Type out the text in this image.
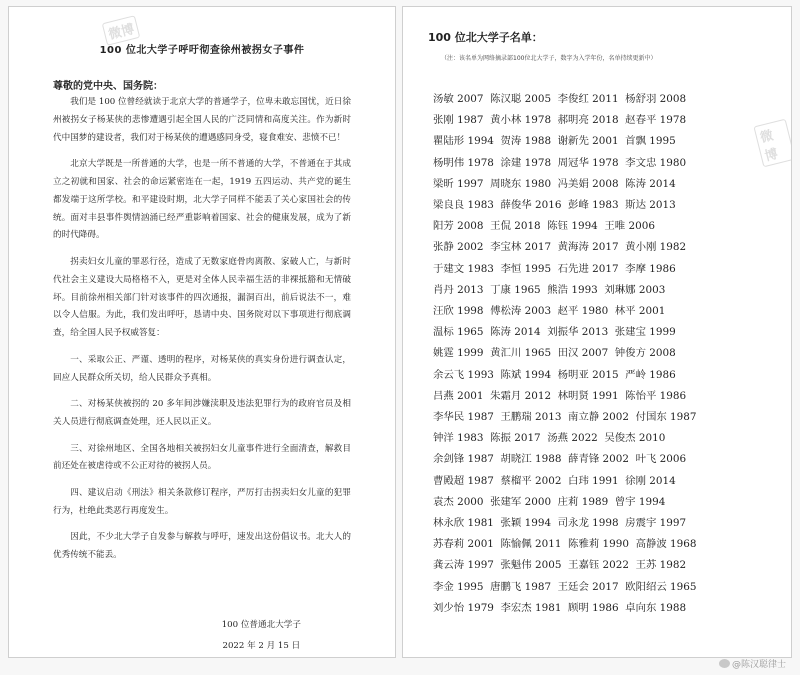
微博
100 位北大学子呼吁彻查徐州被拐女子事件
尊敬的党中央、国务院：

我们是 100 位曾经就读于北京大学的普通学子，位卑未敢忘国忧，近日徐州被拐女子杨某侠的悲惨遭遇引起全国人民的广泛同情和高度关注。作为新时代中国梦的建设者，我们对于杨某侠的遭遇感同身受，寝食难安、悲愤不已！

北京大学既是一所普通的大学，也是一所不普通的大学，不普通在于其成立之初就和国家、社会的命运紧密连在一起，1919 五四运动、共产党的诞生都发端于这所学校。和平建设时期，北大学子同样不能丢了关心家国社会的传统。面对丰县事件舆情汹涌已经严重影响着国家、社会的健康发展，成为了新的时代降碍。

拐卖妇女儿童的罪恶行径，造成了无数家庭骨肉离散、家破人亡，与新时代社会主义建设大局格格不入，更是对全体人民幸福生活的非裸抵豁和无情破坏。目前徐州相关部门针对该事件的四次通报，漏洞百出，前后说法不一，难以令人信服。为此，我们发出呼吁，恳请中央、国务院对以下事项进行彻底调查，给全国人民予权威答复：

一、采取公正、严谨、透明的程序，对杨某侠的真实身份进行调查认定，回应人民群众所关切，给人民群众予真相。

二、对杨某侠被拐的 20 多年间涉嫌渎职及违法犯罪行为的政府官员及相关人员进行彻底调查处理，还人民以正义。

三、对徐州地区、全国各地相关被拐妇女儿童事件进行全面清查，解救目前还处在被虐待或不公正对待的被拐人员。

四、建议启动《刑法》相关条款修订程序，严厉打击拐卖妇女儿童的犯罪行为，杜绝此类恶行再度发生。

因此，不少北大学子自发参与解救与呼吁，速发出这份倡议书。北大人的优秀传统不能丢。

100 位普通北大学子
2022 年 2 月 15 日
100 位北大学子名单：
（注：该名单为网络摘录部100位北大学子，数字为入学年份，名单持续更新中）
微博
汤敏 2007  陈汉聪 2005  李俊红 2011  杨舒羽 2008
张刚 1987  黄小林 1978  郝明亮 2018  赵春平 1978
瞿陆形 1994  贺涛 1988  谢新先 2001  首飘 1995
杨明伟 1978  涂建 1978  周冠华 1978  李文忠 1980
梁昕 1997  周晓东 1980  冯美娟 2008  陈涛 2014
梁良良 1983  薛俊华 2016  彭峰 1983  斯达 2013
阳芳 2008  王侃 2018  陈钰 1994  王唯 2006
张静 2002  李宝林 2017  黄海涛 2017  黄小刚 1982
于建文 1983  李恒 1995  石先进 2017  李摩 1986
肖丹 2013  丁康 1965  熊浩 1993  刘琳娜 2003
汪欣 1998  傅松涛 2003  赵平 1980  林平 2001
温标 1965  陈涛 2014  刘振华 2013  张建宝 1999
姚霆 1999  黄汇川 1965  田汉 2007  钟俊方 2008
余云飞 1993  陈斌 1994  杨明亚 2015  严岭 1986
吕燕 2001  朱霜月 2012  林明贤 1991  陈怡平 1986
李华民 1987  王鹏瑞 2013  南立静 2002  付国东 1987
钟洋 1983  陈振 2017  汤燕 2022  吴俊杰 2010
余剑锋 1987  胡晓江 1988  薛青锋 2002  叶飞 2006
曹殿超 1987  蔡榴平 2002  白玮 1991  徐刚 2014
袁杰 2000  张建军 2000  庄莉 1989  曾宇 1994
林永欣 1981  张颖 1994  司永龙 1998  房震宇 1997
苏春莉 2001  陈愉佩 2011  陈雅莉 1990  高静波 1968
龚云涛 1997  张魁伟 2005  王嘉钰 2022  王苏 1982
李金 1995  唐鹏飞 1987  王廷会 2017  欧阳绍云 1965
刘少怡 1979  李宏杰 1981  顾明 1986  卓向东 1988
@陈汉聪律士
